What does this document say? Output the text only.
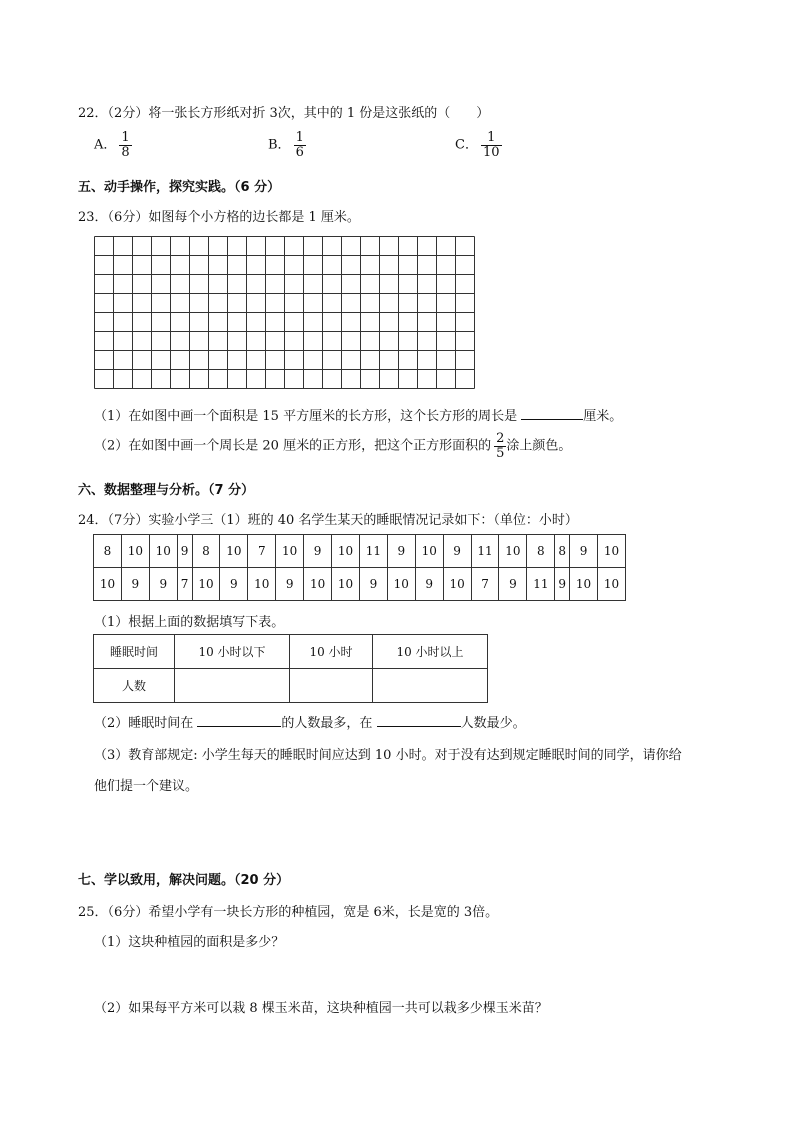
22．（2分）将一张长方形纸对折 3次，其中的 1 份是这张纸的（　　）
A． $\frac{1}{8}$	B． $\frac{1}{6}$	C． $\frac{1}{10}$
五、动手操作，探究实践。（6 分）
23．（6分）如图每个小方格的边长都是 1 厘米。
（1）在如图中画一个面积是 15 平方厘米的长方形，这个长方形的周长是	厘米。
（2）在如图中画一个周长是 20 厘米的正方形，把这个正方形面积的 $\frac{2}{5}$ 涂上颜色。
六、数据整理与分析。（7 分）
24．（7分）实验小学三（1）班的 40 名学生某天的睡眠情况记录如下：（单位：小时）
8	10	10	9	8	10	7	10	9	10	11	9	10	9	11	10	8	8	9	10
10	9	9	7	10	9	10	9	10	10	9	10	9	10	7	9	11	9	10	10
（1）根据上面的数据填写下表。
睡眠时间	10 小时以下	10 小时	10 小时以上
人数			
（2）睡眠时间在	的人数最多，在	人数最少。
（3）教育部规定: 小学生每天的睡眠时间应达到 10 小时。对于没有达到规定睡眠时间的同学，请你给
他们提一个建议。
七、学以致用，解决问题。（20 分）
25．（6分）希望小学有一块长方形的种植园，宽是 6米，长是宽的 3倍。
（1）这块种植园的面积是多少？
（2）如果每平方米可以栽 8 棵玉米苗，这块种植园一共可以栽多少棵玉米苗？
